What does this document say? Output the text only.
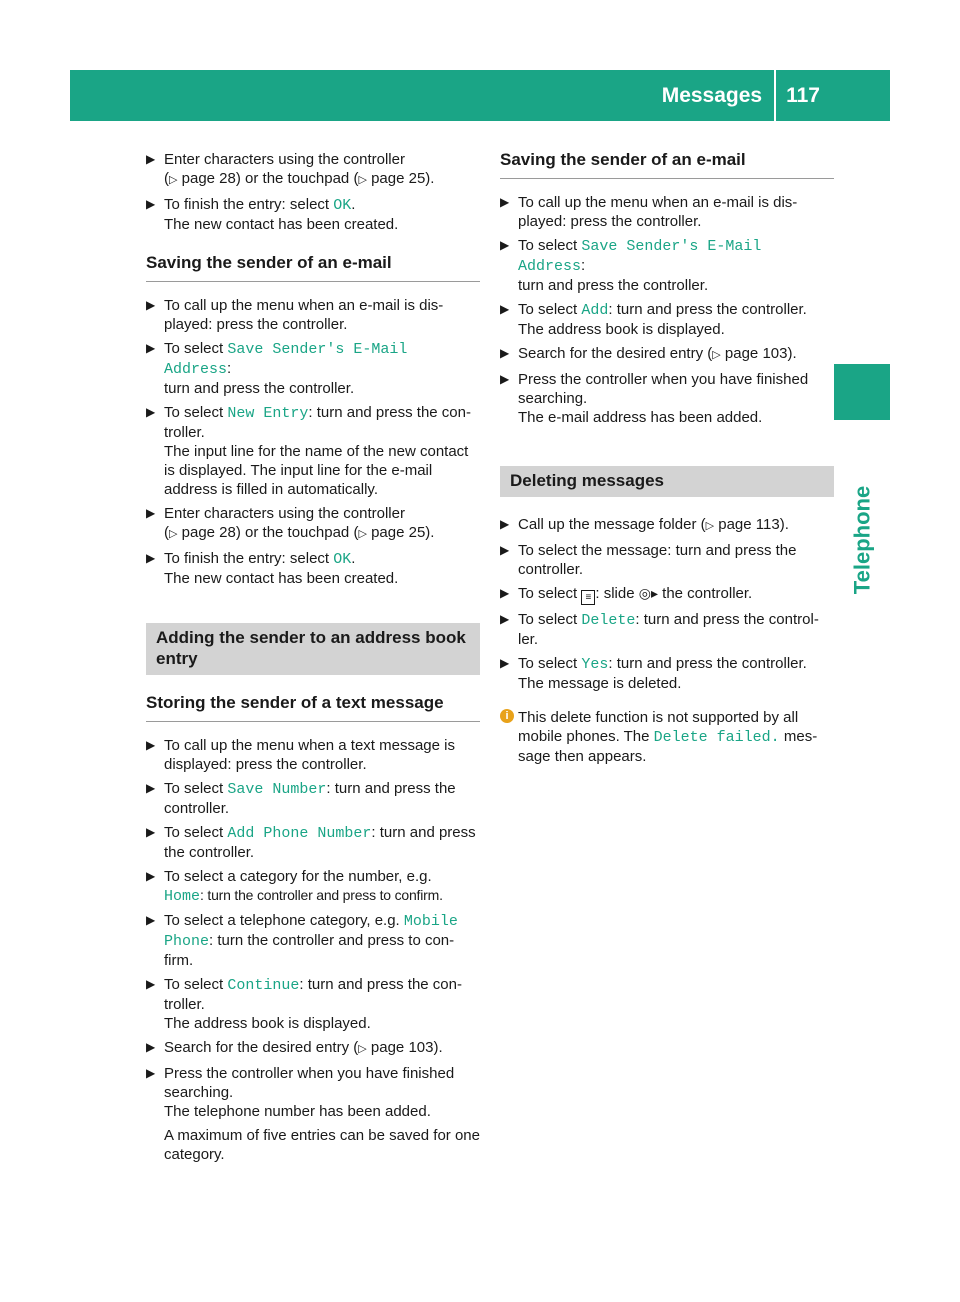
Messages 117
Telephone
▶ Enter characters using the controller
(▷ page 28) or the touchpad (▷ page 25).
▶ To finish the entry: select OK.
The new contact has been created.
Saving the sender of an e-mail
▶ To call up the menu when an e-mail is dis-
played: press the controller.
▶ To select Save Sender's E-Mail Address:
turn and press the controller.
▶ To select New Entry: turn and press the con-
troller.
The input line for the name of the new contact is displayed. The input line for the e-mail address is filled in automatically.
▶ Enter characters using the controller
(▷ page 28) or the touchpad (▷ page 25).
▶ To finish the entry: select OK.
The new contact has been created.
Adding the sender to an address book entry
Storing the sender of a text message
▶ To call up the menu when a text message is displayed: press the controller.
▶ To select Save Number: turn and press the controller.
▶ To select Add Phone Number: turn and press the controller.
▶ To select a category for the number, e.g.
Home: turn the controller and press to confirm.
▶ To select a telephone category, e.g. Mobile Phone: turn the controller and press to con-
firm.
▶ To select Continue: turn and press the con-
troller.
The address book is displayed.
▶ Search for the desired entry (▷ page 103).
▶ Press the controller when you have finished searching.
The telephone number has been added.
A maximum of five entries can be saved for one category.
Saving the sender of an e-mail
▶ To call up the menu when an e-mail is dis-
played: press the controller.
▶ To select Save Sender's E-Mail Address:
turn and press the controller.
▶ To select Add: turn and press the controller.
The address book is displayed.
▶ Search for the desired entry (▷ page 103).
▶ Press the controller when you have finished searching.
The e-mail address has been added.
Deleting messages
▶ Call up the message folder (▷ page 113).
▶ To select the message: turn and press the controller.
▶ To select ≡ : slide ◎▸ the controller.
▶ To select Delete: turn and press the control-
ler.
▶ To select Yes: turn and press the controller.
The message is deleted.
i This delete function is not supported by all mobile phones. The Delete failed. mes-
sage then appears.
